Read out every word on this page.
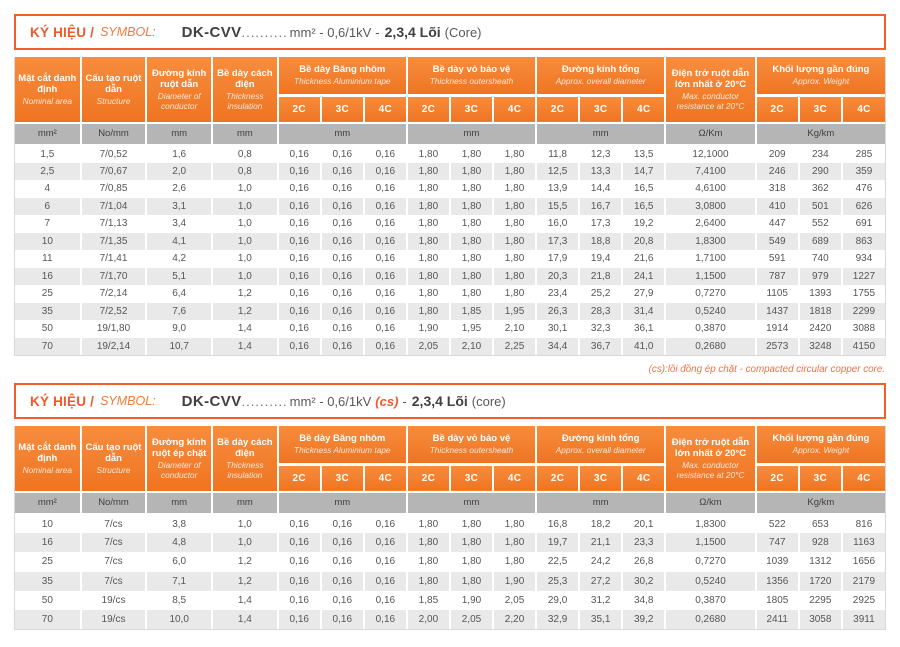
KÝ HIỆU / SYMBOL: DK-CVV .......... mm² - 0,6/1kV - 2,3,4 Lõi (Core)
Mặt cắt danh định
Nominal area

Cấu tạo ruột dẫn
Structure

Đường kính ruột dẫn
Diameter of conductor

Bề dày cách điện
Thickness insulation

Bề dày Băng nhôm
Thickness Aluminium tape

Bề dày vỏ bảo vệ
Thickness outersheath

Đường kính tổng
Approx. overall diameter

Điện trở ruột dẫn lớn nhất ở 20°C
Max. conductor resistance at 20°C

Khối lượng gần đúng
Approx. Weight

				2C	3C	4C	2C	3C	4C	2C	3C	4C		2C	3C	4C
mm²	No/mm	mm	mm	mm			mm			mm			Ω/Km	Kg/km		
1,5	7/0,52	1,6	0,8	0,16	0,16	0,16	1,80	1,80	1,80	11,8	12,3	13,5	12,1000	209	234	285
2,5	7/0,67	2,0	0,8	0,16	0,16	0,16	1,80	1,80	1,80	12,5	13,3	14,7	7,4100	246	290	359
4	7/0,85	2,6	1,0	0,16	0,16	0,16	1,80	1,80	1,80	13,9	14,4	16,5	4,6100	318	362	476
6	7/1,04	3,1	1,0	0,16	0,16	0,16	1,80	1,80	1,80	15,5	16,7	16,5	3,0800	410	501	626
7	7/1,13	3,4	1,0	0,16	0,16	0,16	1,80	1,80	1,80	16,0	17,3	19,2	2,6400	447	552	691
10	7/1,35	4,1	1,0	0,16	0,16	0,16	1,80	1,80	1,80	17,3	18,8	20,8	1,8300	549	689	863
11	7/1,41	4,2	1,0	0,16	0,16	0,16	1,80	1,80	1,80	17,9	19,4	21,6	1,7100	591	740	934
16	7/1,70	5,1	1,0	0,16	0,16	0,16	1,80	1,80	1,80	20,3	21,8	24,1	1,1500	787	979	1227
25	7/2,14	6,4	1,2	0,16	0,16	0,16	1,80	1,80	1,80	23,4	25,2	27,9	0,7270	1105	1393	1755
35	7/2,52	7,6	1,2	0,16	0,16	0,16	1,80	1,85	1,95	26,3	28,3	31,4	0,5240	1437	1818	2299
50	19/1,80	9,0	1,4	0,16	0,16	0,16	1,90	1,95	2,10	30,1	32,3	36,1	0,3870	1914	2420	3088
70	19/2,14	10,7	1,4	0,16	0,16	0,16	2,05	2,10	2,25	34,4	36,7	41,0	0,2680	2573	3248	4150
(cs):lõi đồng ép chặt - compacted circular copper core.
KÝ HIỆU / SYMBOL: DK-CVV .......... mm² - 0,6/1kV (cs) - 2,3,4 Lõi (core)
Mặt cắt danh định
Nominal area

Cấu tạo ruột dẫn
Structure

Đường kính ruột ép chặt
Diameter of conductor

Bề dày cách điện
Thickness insulation

Bề dày Băng nhôm
Thickness Aluminium tape

Bề dày vỏ bảo vệ
Thickness outersheath

Đường kính tổng
Approx. overall diameter

Điện trở ruột dẫn lớn nhất ở 20°C
Max. conductor resistance at 20°C

Khối lượng gần đúng
Approx. Weight

				2C	3C	4C	2C	3C	4C	2C	3C	4C		2C	3C	4C
mm²	No/mm	mm	mm	mm			mm			mm			Ω/km	Kg/km		
10	7/cs	3,8	1,0	0,16	0,16	0,16	1,80	1,80	1,80	16,8	18,2	20,1	1,8300	522	653	816
16	7/cs	4,8	1,0	0,16	0,16	0,16	1,80	1,80	1,80	19,7	21,1	23,3	1,1500	747	928	1163
25	7/cs	6,0	1,2	0,16	0,16	0,16	1,80	1,80	1,80	22,5	24,2	26,8	0,7270	1039	1312	1656
35	7/cs	7,1	1,2	0,16	0,16	0,16	1,80	1,80	1,90	25,3	27,2	30,2	0,5240	1356	1720	2179
50	19/cs	8,5	1,4	0,16	0,16	0,16	1,85	1,90	2,05	29,0	31,2	34,8	0,3870	1805	2295	2925
70	19/cs	10,0	1,4	0,16	0,16	0,16	2,00	2,05	2,20	32,9	35,1	39,2	0,2680	2411	3058	3911
